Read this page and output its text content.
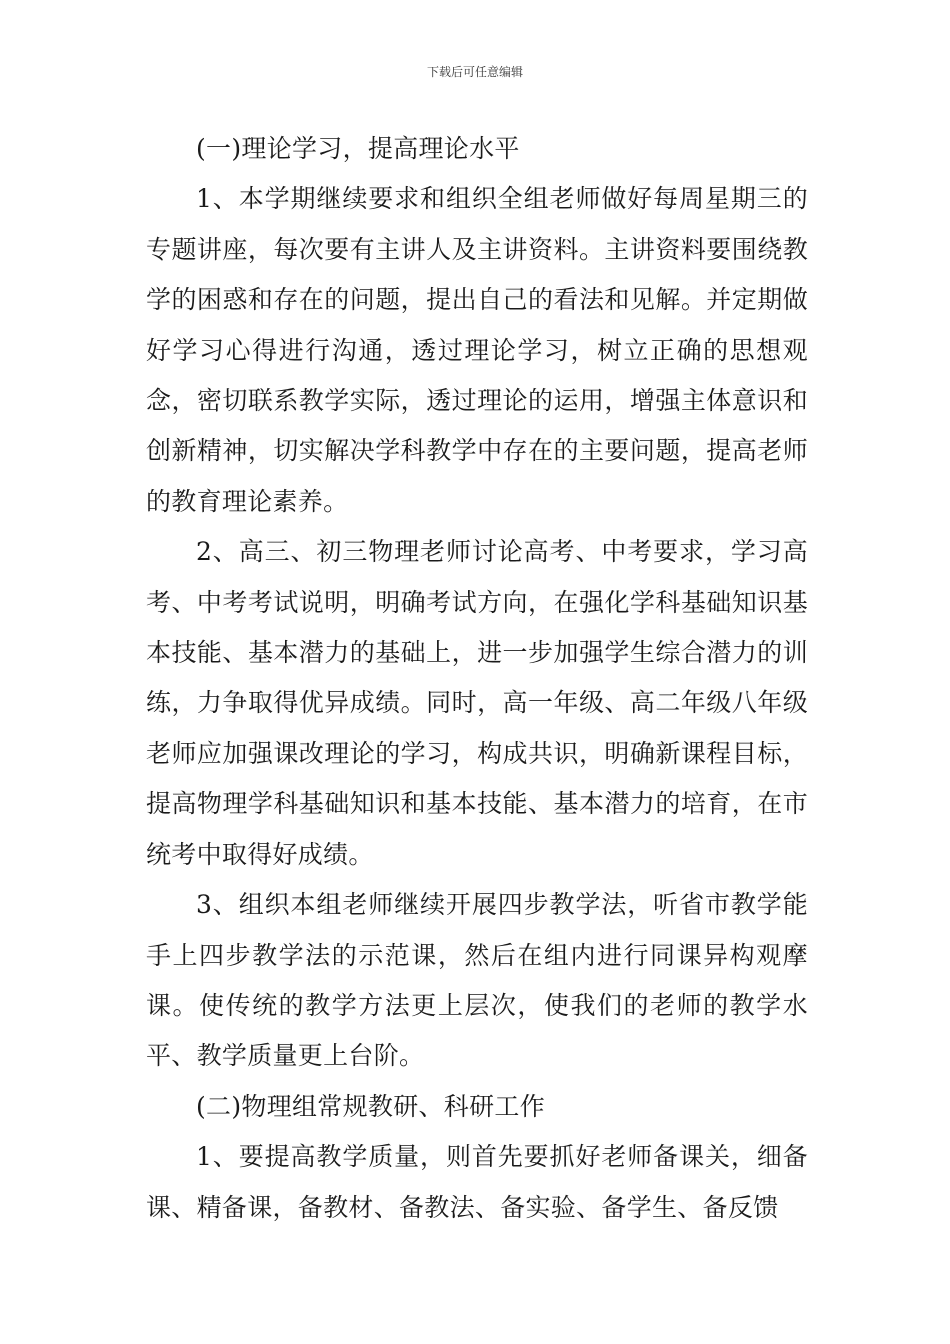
下载后可任意编辑

(一)理论学习，提高理论水平

1、本学期继续要求和组织全组老师做好每周星期三的专题讲座，每次要有主讲人及主讲资料。主讲资料要围绕教学的困惑和存在的问题，提出自己的看法和见解。并定期做好学习心得进行沟通，透过理论学习，树立正确的思想观念，密切联系教学实际，透过理论的运用，增强主体意识和创新精神，切实解决学科教学中存在的主要问题，提高老师的教育理论素养。

2、高三、初三物理老师讨论高考、中考要求，学习高考、中考考试说明，明确考试方向，在强化学科基础知识基本技能、基本潜力的基础上，进一步加强学生综合潜力的训练，力争取得优异成绩。同时，高一年级、高二年级八年级老师应加强课改理论的学习，构成共识，明确新课程目标，提高物理学科基础知识和基本技能、基本潜力的培育，在市统考中取得好成绩。

3、组织本组老师继续开展四步教学法，听省市教学能手上四步教学法的示范课，然后在组内进行同课异构观摩课。使传统的教学方法更上层次，使我们的老师的教学水平、教学质量更上台阶。

(二)物理组常规教研、科研工作

1、要提高教学质量，则首先要抓好老师备课关，细备课、精备课，备教材、备教法、备实验、备学生、备反馈
